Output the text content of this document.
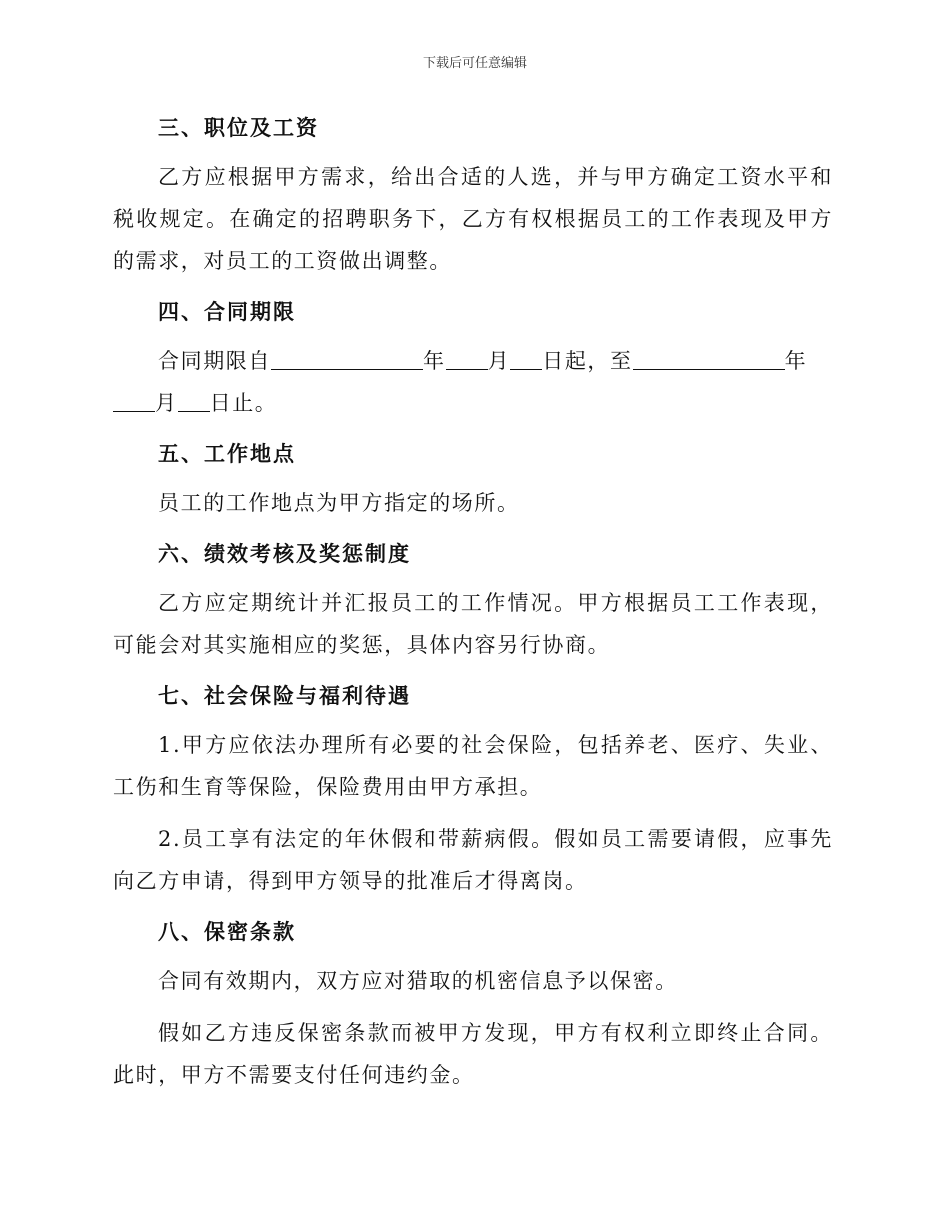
下载后可任意编辑
三、职位及工资

乙方应根据甲方需求，给出合适的人选，并与甲方确定工资水平和税收规定。在确定的招聘职务下，乙方有权根据员工的工作表现及甲方的需求，对员工的工资做出调整。

四、合同期限

合同期限自	年 月 日起，至	年
月 日止。

五、工作地点

员工的工作地点为甲方指定的场所。

六、绩效考核及奖惩制度

乙方应定期统计并汇报员工的工作情况。甲方根据员工工作表现，可能会对其实施相应的奖惩，具体内容另行协商。

七、社会保险与福利待遇

1.甲方应依法办理所有必要的社会保险，包括养老、医疗、失业、工伤和生育等保险，保险费用由甲方承担。

2.员工享有法定的年休假和带薪病假。假如员工需要请假，应事先向乙方申请，得到甲方领导的批准后才得离岗。

八、保密条款

合同有效期内，双方应对猎取的机密信息予以保密。

假如乙方违反保密条款而被甲方发现，甲方有权利立即终止合同。此时，甲方不需要支付任何违约金。
